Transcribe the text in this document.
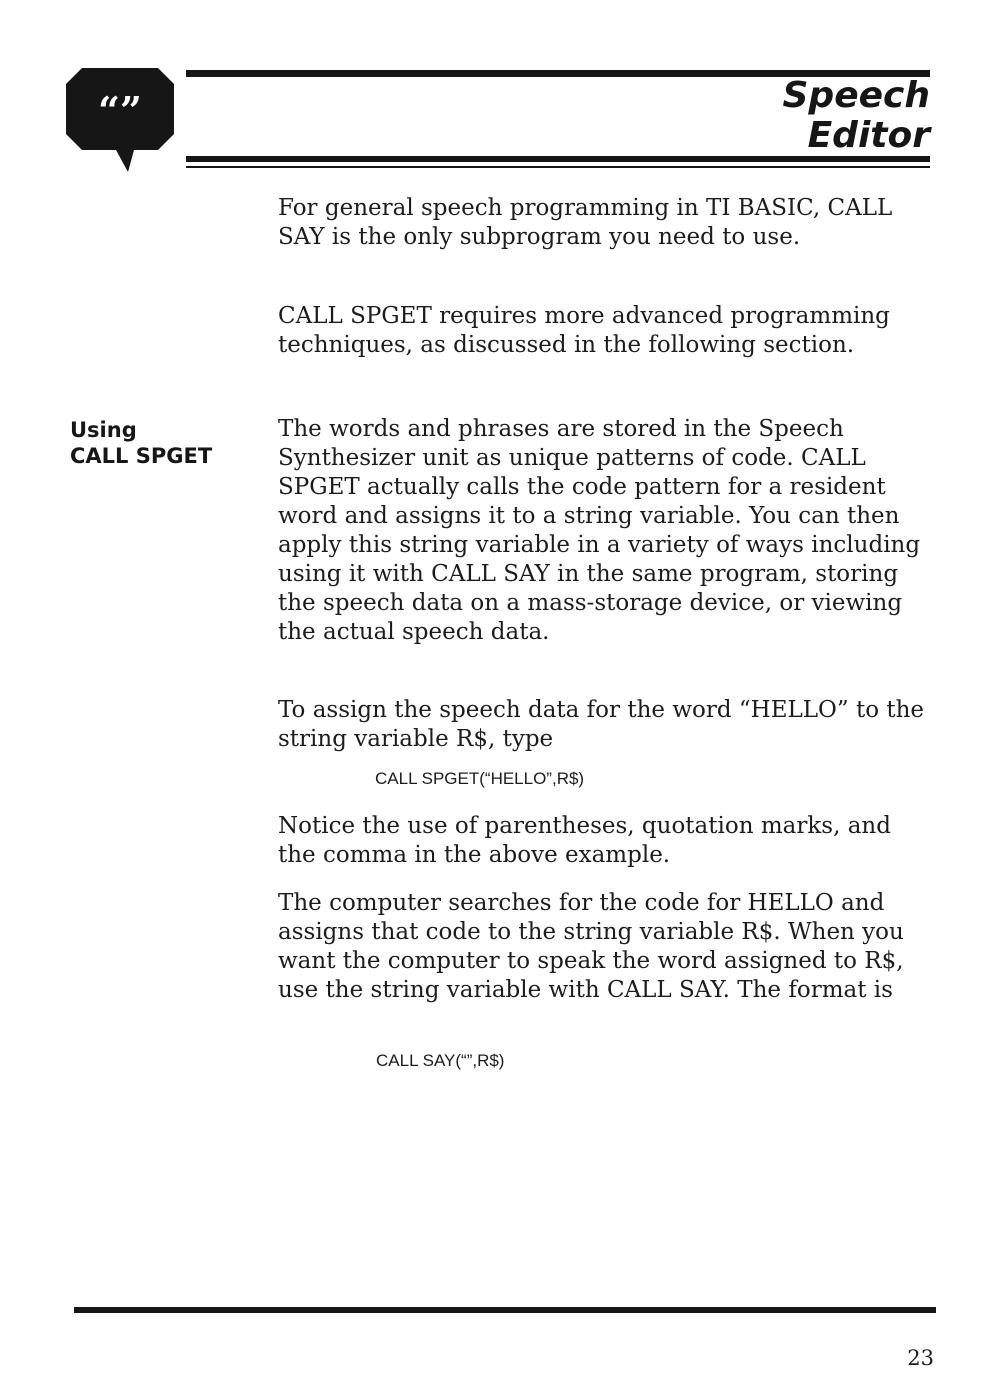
“”	Speech
Editor

For general speech programming in TI BASIC, CALL SAY is the only subprogram you need to use.

CALL SPGET requires more advanced programming techniques, as discussed in the following section.

Using
CALL SPGET

The words and phrases are stored in the Speech Synthesizer unit as unique patterns of code. CALL SPGET actually calls the code pattern for a resident word and assigns it to a string variable. You can then apply this string variable in a variety of ways including using it with CALL SAY in the same program, storing the speech data on a mass-storage device, or viewing the actual speech data.

To assign the speech data for the word “HELLO” to the string variable R$, type

CALL SPGET(“HELLO”,R$)

Notice the use of parentheses, quotation marks, and the comma in the above example.

The computer searches for the code for HELLO and assigns that code to the string variable R$. When you want the computer to speak the word assigned to R$, use the string variable with CALL SAY. The format is

CALL SAY(“”,R$)
23
